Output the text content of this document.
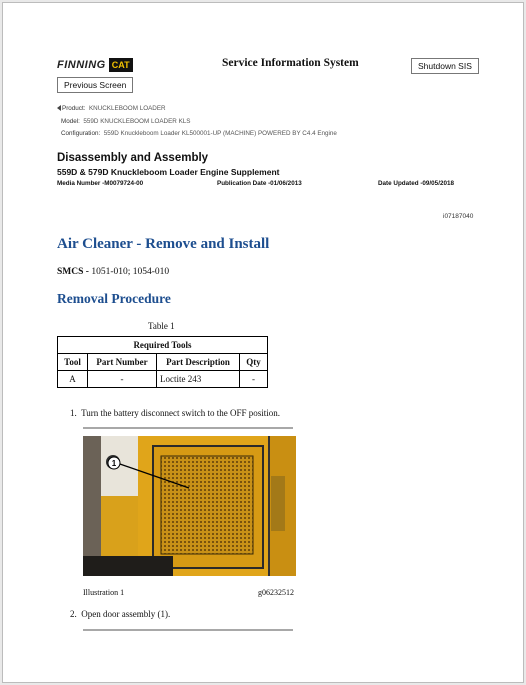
FINNING CAT	Service Information System	Shutdown SIS
Previous Screen
Product: KNUCKLEBOOM LOADER
Model: 559D KNUCKLEBOOM LOADER KLS
Configuration: 559D Knuckleboom Loader KL500001-UP (MACHINE) POWERED BY C4.4 Engine
Disassembly and Assembly
559D & 579D Knuckleboom Loader Engine Supplement
Media Number -M0079724-00	Publication Date -01/06/2013	Date Updated -09/05/2018
i07187040
Air Cleaner - Remove and Install
SMCS - 1051-010; 1054-010
Removal Procedure
Table 1
Required Tools			
Tool	Part Number	Part Description	Qty
A	-	Loctite 243	-
1. Turn the battery disconnect switch to the OFF position.
1
Illustration 1	g06232512
2. Open door assembly (1).
